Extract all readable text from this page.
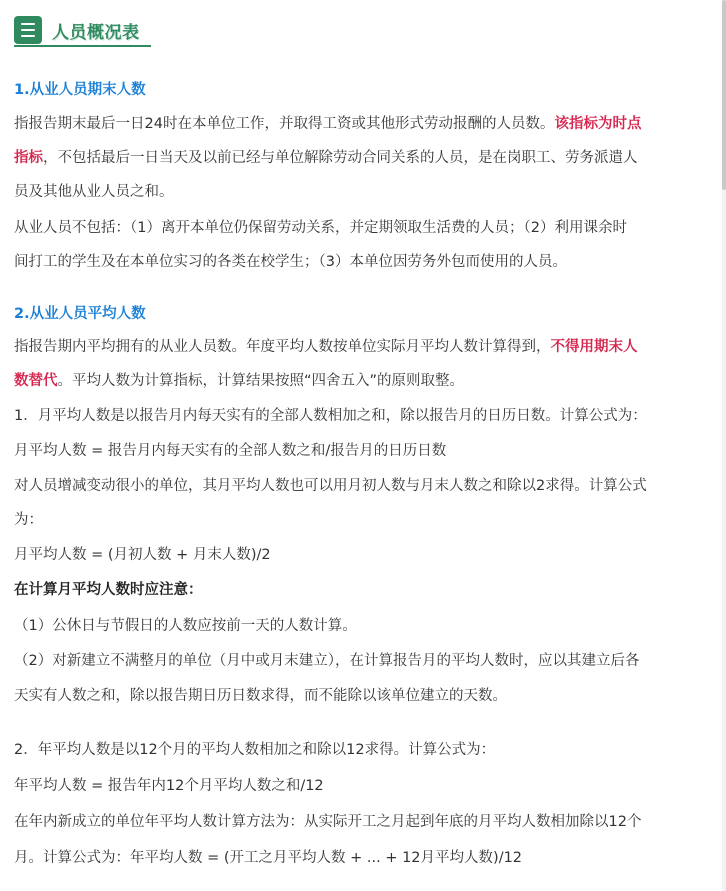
人员概况表
1.从业人员期末人数
指报告期末最后一日24时在本单位工作，并取得工资或其他形式劳动报酬的人员数。该指标为时点
指标，不包括最后一日当天及以前已经与单位解除劳动合同关系的人员，是在岗职工、劳务派遣人
员及其他从业人员之和。
从业人员不包括：（1）离开本单位仍保留劳动关系，并定期领取生活费的人员；（2）利用课余时
间打工的学生及在本单位实习的各类在校学生；（3）本单位因劳务外包而使用的人员。
2.从业人员平均人数
指报告期内平均拥有的从业人员数。年度平均人数按单位实际月平均人数计算得到，不得用期末人
数替代。平均人数为计算指标，计算结果按照“四舍五入”的原则取整。
1．月平均人数是以报告月内每天实有的全部人数相加之和，除以报告月的日历日数。计算公式为：
月平均人数 = 报告月内每天实有的全部人数之和/报告月的日历日数
对人员增减变动很小的单位，其月平均人数也可以用月初人数与月末人数之和除以2求得。计算公式
为：
月平均人数 = (月初人数 + 月末人数)/2
在计算月平均人数时应注意：
（1）公休日与节假日的人数应按前一天的人数计算。
（2）对新建立不满整月的单位（月中或月末建立），在计算报告月的平均人数时，应以其建立后各
天实有人数之和，除以报告期日历日数求得，而不能除以该单位建立的天数。
2．年平均人数是以12个月的平均人数相加之和除以12求得。计算公式为：
年平均人数 = 报告年内12个月平均人数之和/12
在年内新成立的单位年平均人数计算方法为：从实际开工之月起到年底的月平均人数相加除以12个
月。计算公式为：年平均人数 = (开工之月平均人数 + ... + 12月平均人数)/12
